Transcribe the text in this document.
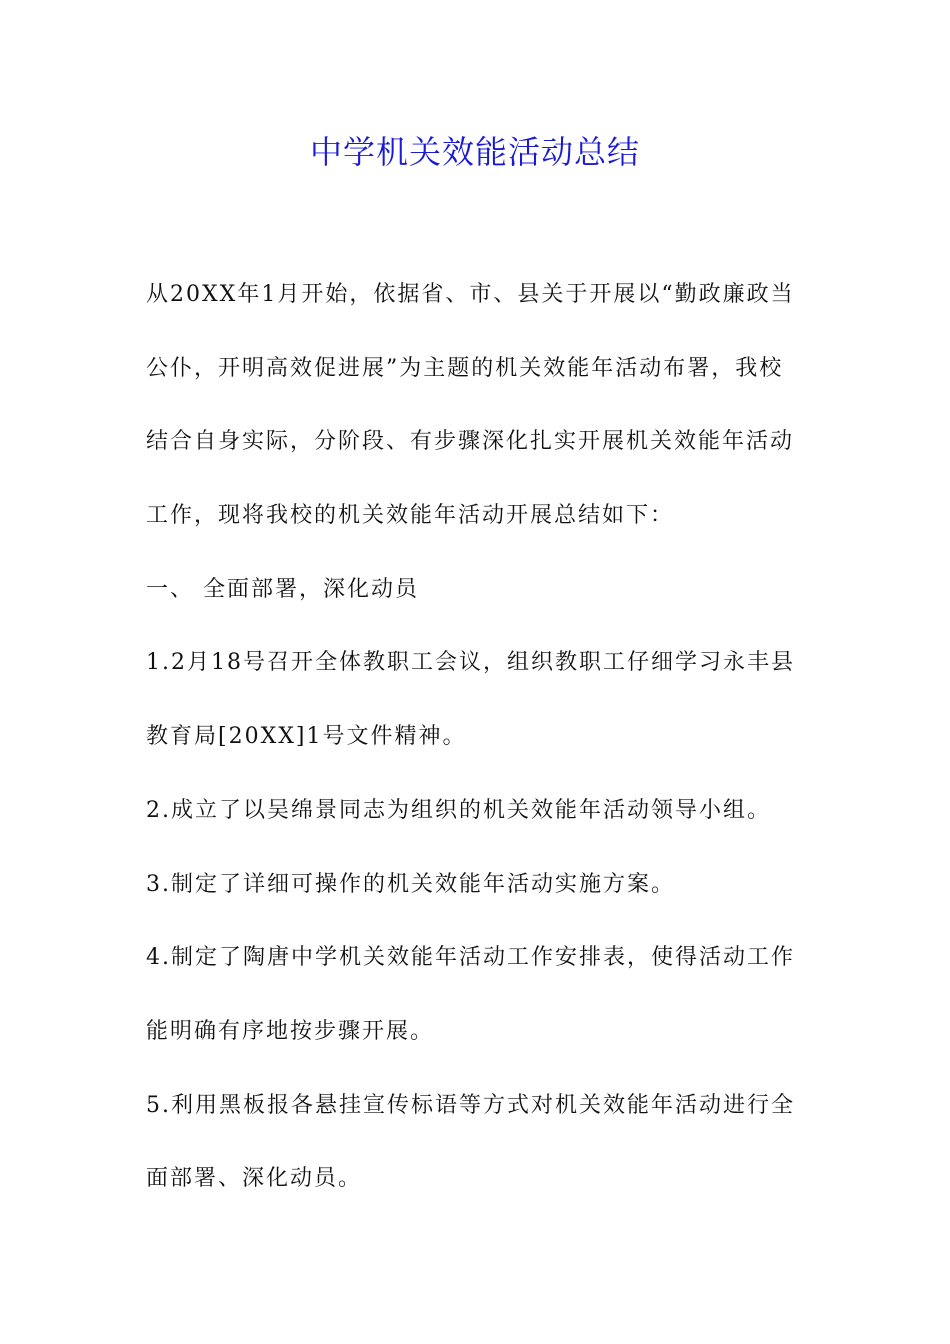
中学机关效能活动总结
从20XX年1月开始，依据省、市、县关于开展以“勤政廉政当
公仆，开明高效促进展”为主题的机关效能年活动布署，我校
结合自身实际，分阶段、有步骤深化扎实开展机关效能年活动
工作，现将我校的机关效能年活动开展总结如下：
一、 全面部署，深化动员
1.2月18号召开全体教职工会议，组织教职工仔细学习永丰县
教育局[20XX]1号文件精神。
2.成立了以吴绵景同志为组织的机关效能年活动领导小组。
3.制定了详细可操作的机关效能年活动实施方案。
4.制定了陶唐中学机关效能年活动工作安排表，使得活动工作
能明确有序地按步骤开展。
5.利用黑板报各悬挂宣传标语等方式对机关效能年活动进行全
面部署、深化动员。
